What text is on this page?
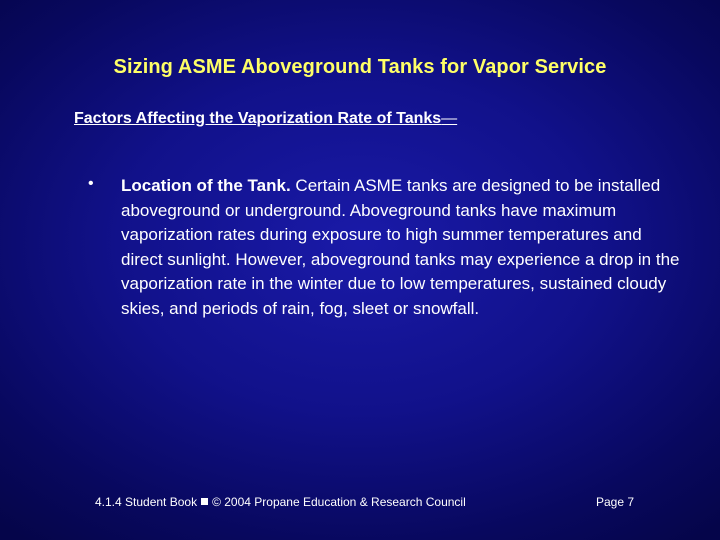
Sizing ASME Aboveground Tanks for Vapor Service
Factors Affecting the Vaporization Rate of Tanks—
• Location of the Tank. Certain ASME tanks are designed to be installed aboveground or underground. Aboveground tanks have maximum vaporization rates during exposure to high summer temperatures and direct sunlight. However, aboveground tanks may experience a drop in the vaporization rate in the winter due to low temperatures, sustained cloudy skies, and periods of rain, fog, sleet or snowfall.
4.1.4 Student Book © 2004 Propane Education & Research Council	Page 7
